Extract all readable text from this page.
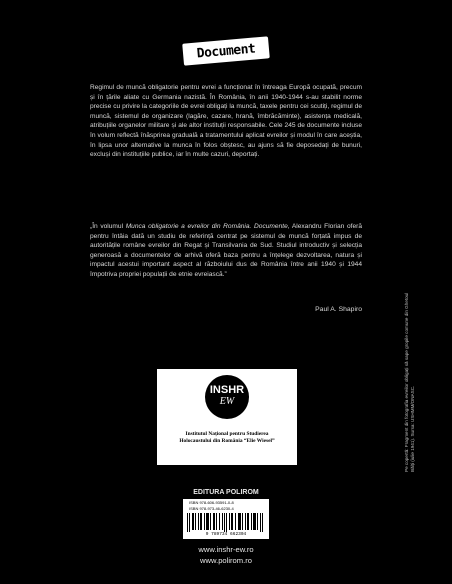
Document

Regimul de muncă obligatorie pentru evrei a funcționat în întreaga Europă ocupată, precum și în țările aliate cu Germania nazistă. În România, în anii 1940-1944 s-au stabilit norme precise cu privire la categoriile de evrei obligați la muncă, taxele pentru cei scutiți, regimul de muncă, sistemul de organizare (lagăre, cazare, hrană, îmbrăcăminte), asistența medicală, atribuțiile organelor militare și ale altor instituții responsabile. Cele 245 de documente incluse în volum reflectă înăsprirea graduală a tratamentului aplicat evreilor și modul în care aceștia, în lipsa unor alternative la munca în folos obștesc, au ajuns să fie deposedați de bunuri, excluși din instituțiile publice, iar în multe cazuri, deportați.

„În volumul Munca obligatorie a evreilor din România. Documente, Alexandru Florian oferă pentru întâia dată un studiu de referință centrat pe sistemul de muncă forțată impus de autoritățile române evreilor din Regat și Transilvania de Sud. Studiul introductiv și selecția generoasă a documentelor de arhivă oferă baza pentru a înțelege dezvoltarea, natura și impactul acestui important aspect al războiului dus de România între anii 1940 și 1944 împotriva propriei populații de etnie evreiască.”

Paul A. Shapiro	Pe copertă: Fragment din fotografia evreilor obligați să sape gropile comune din Ghetoul Bălți (iulie 1941). Sursa: USHMM/ONASC.

INSHR
EW

Institutul Național pentru Studierea
Holocaustului din România “Elie Wiesel”

EDITURA POLIROM
ISBN 978-606-93591-0-8
ISBN 978-973-46-6230-4
9 789734 662304

www.inshr-ew.ro

www.polirom.ro
